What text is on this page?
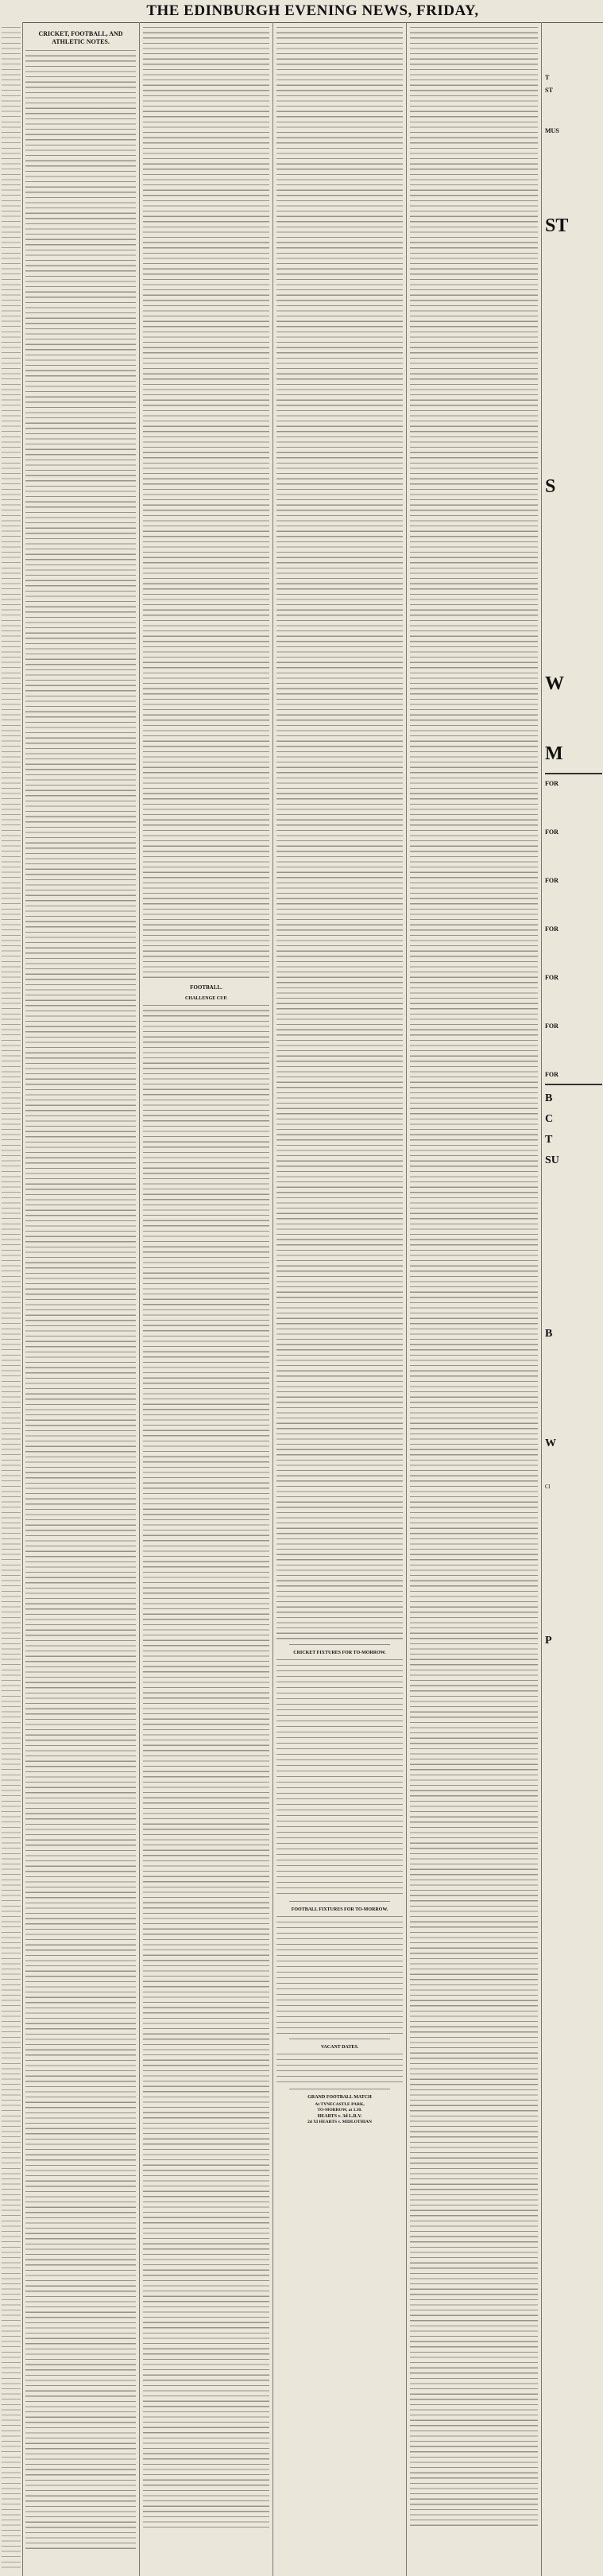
THE EDINBURGH EVENING NEWS, FRIDAY,
CRICKET, FOOTBALL, AND ATHLETIC NOTES.
FOOTBALL.
CHALLENGE CUP.
CRICKET FIXTURES FOR TO-MORROW.
FOOTBALL FIXTURES FOR TO-MORROW.
VACANT DATES.
GRAND FOOTBALL MATCH
At TYNECASTLE PARK,
TO-MORROW, at 3.30.
HEARTS v. 3d L.R.V.
2d XI HEARTS v. MIDLOTHIAN
T
ST
MUS
ST
S
W
M
FOR
FOR
FOR
FOR
FOR
FOR
FOR
B
C
T
SU
B
W
Cl
P
